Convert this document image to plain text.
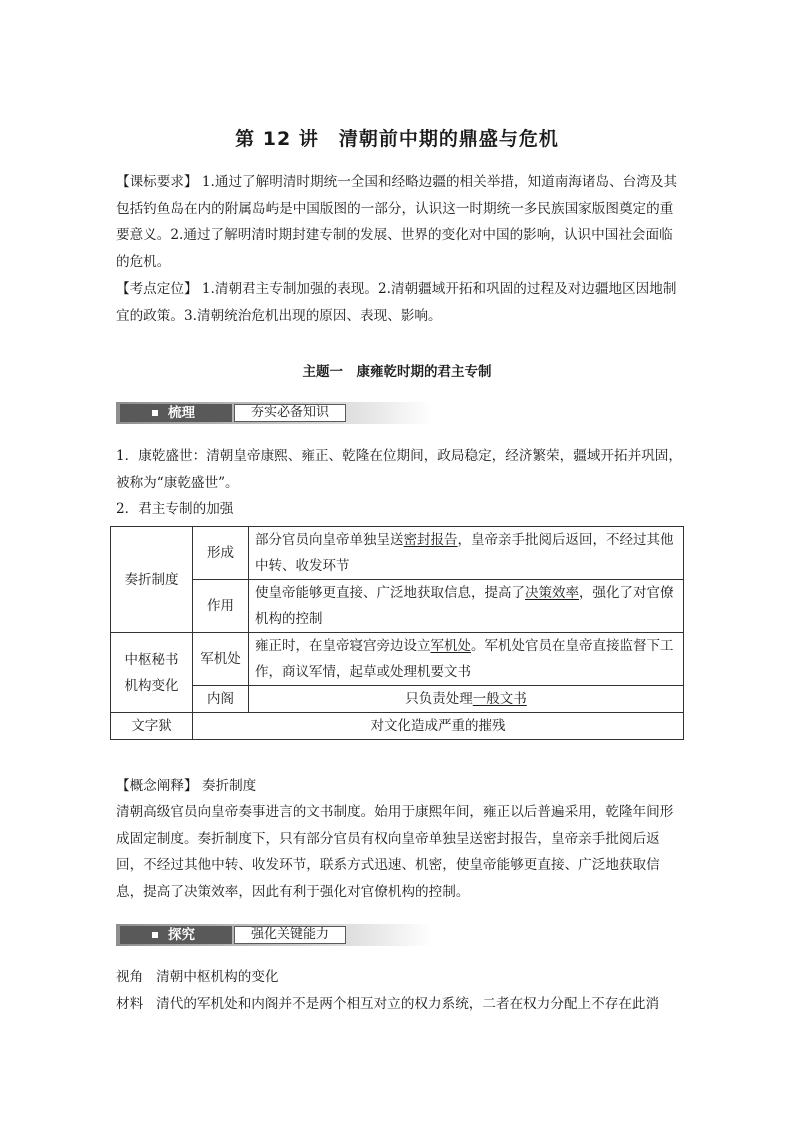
第 12 讲　清朝前中期的鼎盛与危机
【课标要求】 1.通过了解明清时期统一全国和经略边疆的相关举措，知道南海诸岛、台湾及其包括钓鱼岛在内的附属岛屿是中国版图的一部分，认识这一时期统一多民族国家版图奠定的重要意义。2.通过了解明清时期封建专制的发展、世界的变化对中国的影响，认识中国社会面临的危机。
【考点定位】 1.清朝君主专制加强的表现。2.清朝疆域开拓和巩固的过程及对边疆地区因地制宜的政策。3.清朝统治危机出现的原因、表现、影响。
主题一　康雍乾时期的君主专制
梳理	夯实必备知识
1．康乾盛世：清朝皇帝康熙、雍正、乾隆在位期间，政局稳定，经济繁荣，疆域开拓并巩固，被称为“康乾盛世”。
2．君主专制的加强
奏折制度	形成	部分官员向皇帝单独呈送密封报告，皇帝亲手批阅后返回，不经过其他中转、收发环节
	作用	使皇帝能够更直接、广泛地获取信息，提高了决策效率，强化了对官僚机构的控制
中枢秘书机构变化	军机处	雍正时，在皇帝寝宫旁边设立军机处。军机处官员在皇帝直接监督下工作，商议军情，起草或处理机要文书
	内阁	只负责处理一般文书
文字狱	对文化造成严重的摧残	
【概念阐释】 奏折制度
清朝高级官员向皇帝奏事进言的文书制度。始用于康熙年间，雍正以后普遍采用，乾隆年间形成固定制度。奏折制度下，只有部分官员有权向皇帝单独呈送密封报告，皇帝亲手批阅后返回，不经过其他中转、收发环节，联系方式迅速、机密，使皇帝能够更直接、广泛地获取信息，提高了决策效率，因此有利于强化对官僚机构的控制。
探究	强化关键能力
视角 清朝中枢机构的变化
材料 清代的军机处和内阁并不是两个相互对立的权力系统，二者在权力分配上不存在此消
